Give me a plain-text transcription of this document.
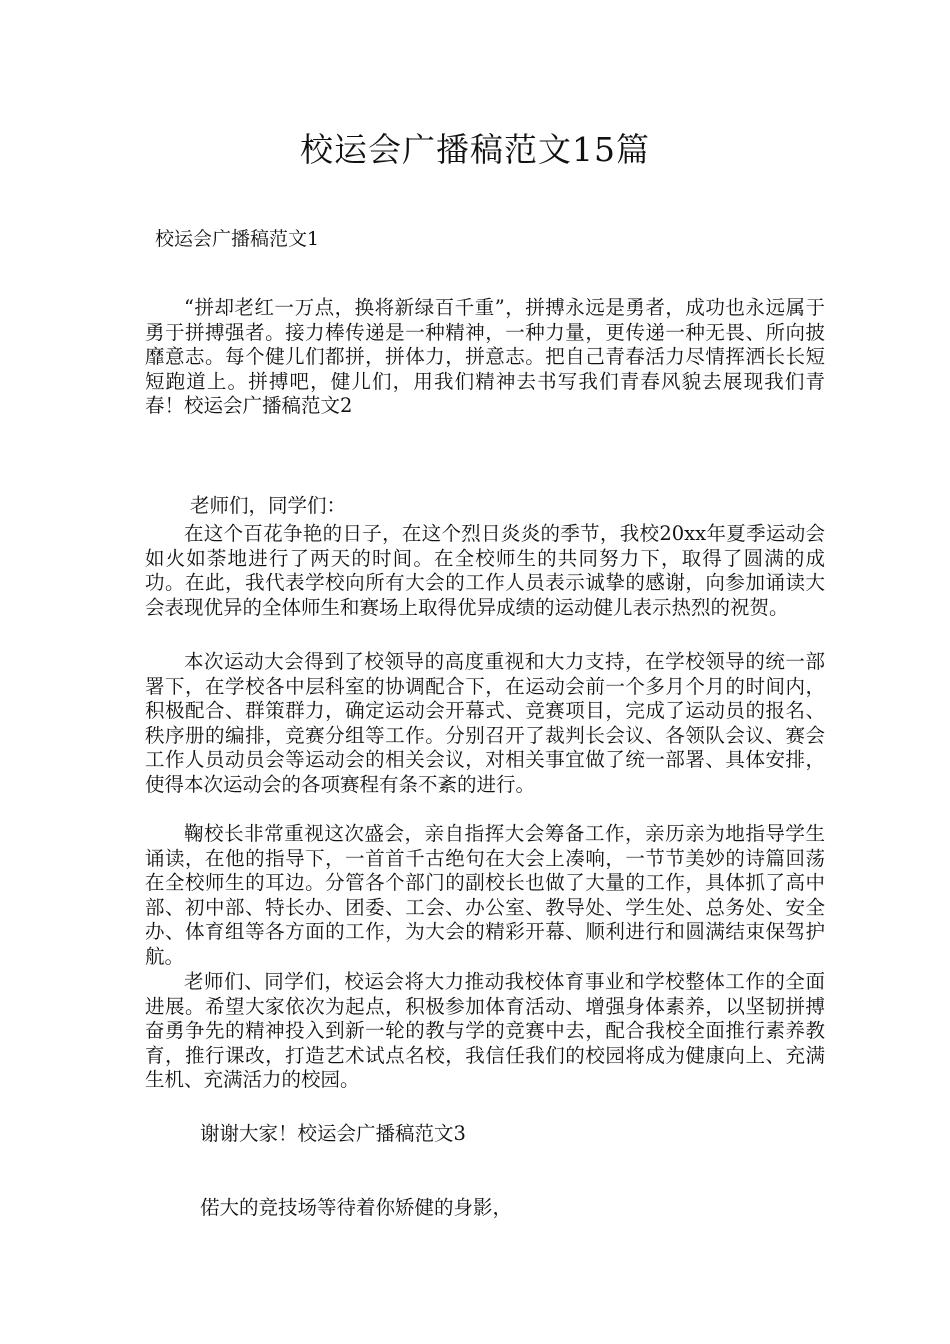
校运会广播稿范文15篇
校运会广播稿范文1
“拼却老红一万点，换将新绿百千重”，拼搏永远是勇者，成功也永远属于勇于拼搏强者。接力棒传递是一种精神，一种力量，更传递一种无畏、所向披靡意志。每个健儿们都拼，拼体力，拼意志。把自己青春活力尽情挥洒长长短短跑道上。拼搏吧，健儿们，用我们精神去书写我们青春风貌去展现我们青春！校运会广播稿范文2
老师们，同学们：
在这个百花争艳的日子，在这个烈日炎炎的季节，我校20xx年夏季运动会如火如荼地进行了两天的时间。在全校师生的共同努力下，取得了圆满的成功。在此，我代表学校向所有大会的工作人员表示诚挚的感谢，向参加诵读大会表现优异的全体师生和赛场上取得优异成绩的运动健儿表示热烈的祝贺。
本次运动大会得到了校领导的高度重视和大力支持，在学校领导的统一部署下，在学校各中层科室的协调配合下，在运动会前一个多月个月的时间内，积极配合、群策群力，确定运动会开幕式、竞赛项目，完成了运动员的报名、秩序册的编排，竞赛分组等工作。分别召开了裁判长会议、各领队会议、赛会工作人员动员会等运动会的相关会议，对相关事宜做了统一部署、具体安排，使得本次运动会的各项赛程有条不紊的进行。
鞠校长非常重视这次盛会，亲自指挥大会筹备工作，亲历亲为地指导学生诵读，在他的指导下，一首首千古绝句在大会上凑响，一节节美妙的诗篇回荡在全校师生的耳边。分管各个部门的副校长也做了大量的工作，具体抓了高中部、初中部、特长办、团委、工会、办公室、教导处、学生处、总务处、安全办、体育组等各方面的工作，为大会的精彩开幕、顺利进行和圆满结束保驾护航。
老师们、同学们，校运会将大力推动我校体育事业和学校整体工作的全面进展。希望大家依次为起点，积极参加体育活动、增强身体素养，以坚韧拼搏奋勇争先的精神投入到新一轮的教与学的竞赛中去，配合我校全面推行素养教育，推行课改，打造艺术试点名校，我信任我们的校园将成为健康向上、充满生机、充满活力的校园。
谢谢大家！校运会广播稿范文3
偌大的竞技场等待着你矫健的身影，
